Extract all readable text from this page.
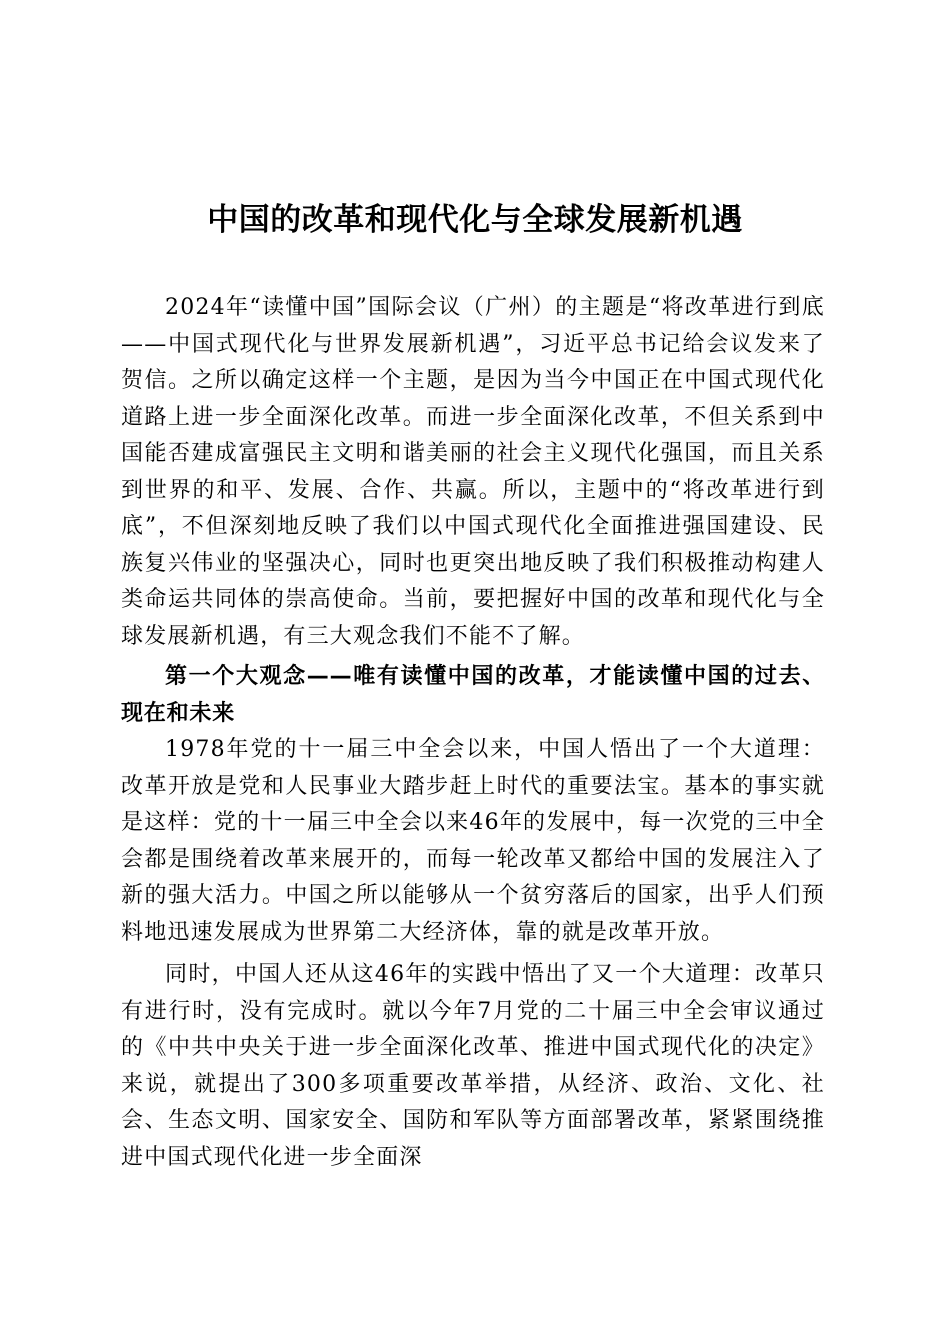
中国的改革和现代化与全球发展新机遇

2024年“读懂中国”国际会议（广州）的主题是“将改革进行到底——中国式现代化与世界发展新机遇”，习近平总书记给会议发来了贺信。之所以确定这样一个主题，是因为当今中国正在中国式现代化道路上进一步全面深化改革。而进一步全面深化改革，不但关系到中国能否建成富强民主文明和谐美丽的社会主义现代化强国，而且关系到世界的和平、发展、合作、共赢。所以，主题中的“将改革进行到底”，不但深刻地反映了我们以中国式现代化全面推进强国建设、民族复兴伟业的坚强决心，同时也更突出地反映了我们积极推动构建人类命运共同体的崇高使命。当前，要把握好中国的改革和现代化与全球发展新机遇，有三大观念我们不能不了解。

第一个大观念——唯有读懂中国的改革，才能读懂中国的过去、现在和未来

1978年党的十一届三中全会以来，中国人悟出了一个大道理：改革开放是党和人民事业大踏步赶上时代的重要法宝。基本的事实就是这样：党的十一届三中全会以来46年的发展中，每一次党的三中全会都是围绕着改革来展开的，而每一轮改革又都给中国的发展注入了新的强大活力。中国之所以能够从一个贫穷落后的国家，出乎人们预料地迅速发展成为世界第二大经济体，靠的就是改革开放。

同时，中国人还从这46年的实践中悟出了又一个大道理：改革只有进行时，没有完成时。就以今年7月党的二十届三中全会审议通过的《中共中央关于进一步全面深化改革、推进中国式现代化的决定》来说，就提出了300多项重要改革举措，从经济、政治、文化、社会、生态文明、国家安全、国防和军队等方面部署改革，紧紧围绕推进中国式现代化进一步全面深
